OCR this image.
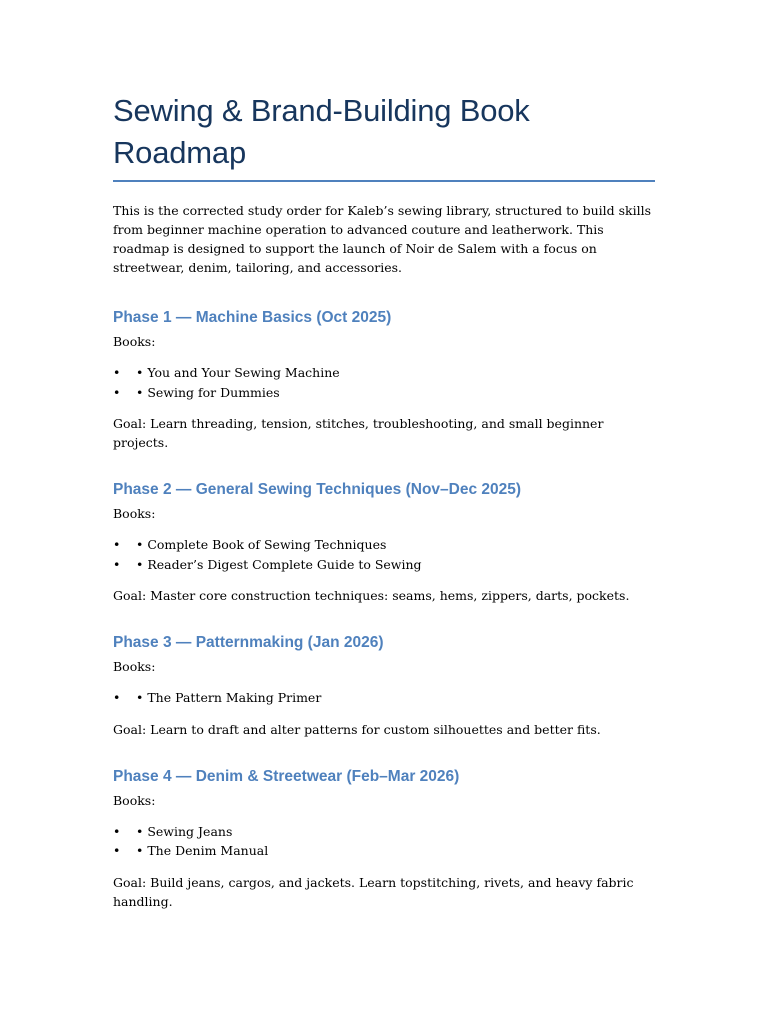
Sewing & Brand-Building Book Roadmap

This is the corrected study order for Kaleb’s sewing library, structured to build skills from beginner machine operation to advanced couture and leatherwork. This roadmap is designed to support the launch of Noir de Salem with a focus on streetwear, denim, tailoring, and accessories.

Phase 1 — Machine Basics (Oct 2025)

Books:

• • You and Your Sewing Machine
• • Sewing for Dummies

Goal: Learn threading, tension, stitches, troubleshooting, and small beginner projects.

Phase 2 — General Sewing Techniques (Nov–Dec 2025)

Books:

• • Complete Book of Sewing Techniques
• • Reader’s Digest Complete Guide to Sewing

Goal: Master core construction techniques: seams, hems, zippers, darts, pockets.

Phase 3 — Patternmaking (Jan 2026)

Books:

• • The Pattern Making Primer

Goal: Learn to draft and alter patterns for custom silhouettes and better fits.

Phase 4 — Denim & Streetwear (Feb–Mar 2026)

Books:

• • Sewing Jeans
• • The Denim Manual

Goal: Build jeans, cargos, and jackets. Learn topstitching, rivets, and heavy fabric handling.
